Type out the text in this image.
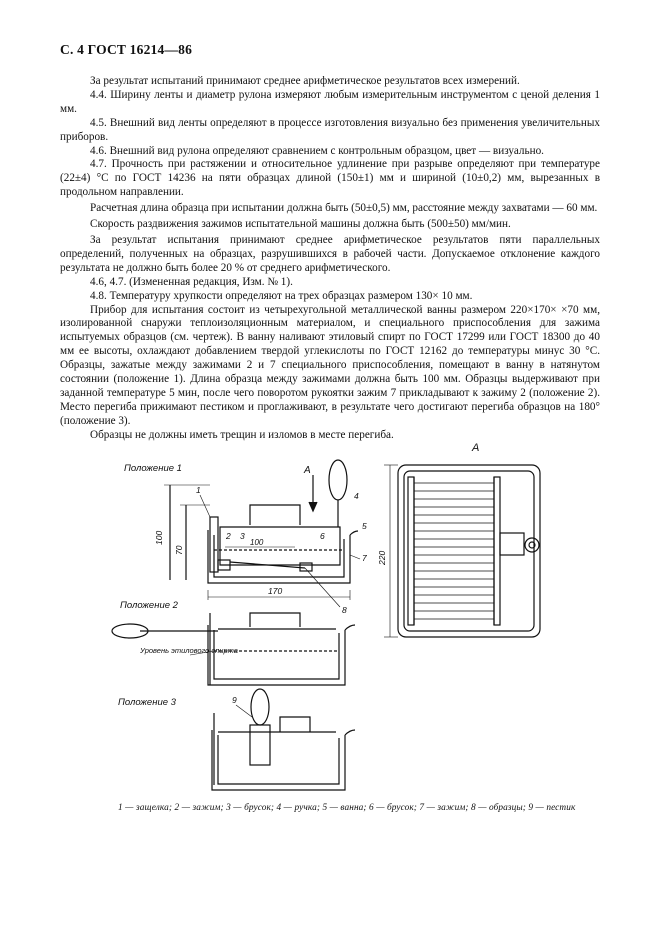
С. 4 ГОСТ 16214—86

За результат испытаний принимают среднее арифметическое результатов всех измерений.

4.4. Ширину ленты и диаметр рулона измеряют любым измерительным инструментом с ценой деления 1 мм.

4.5. Внешний вид ленты определяют в процессе изготовления визуально без применения увеличительных приборов.

4.6. Внешний вид рулона определяют сравнением с контрольным образцом, цвет — визуально.

4.7. Прочность при растяжении и относительное удлинение при разрыве определяют при температуре (22±4) °С по ГОСТ 14236 на пяти образцах длиной (150±1) мм и шириной (10±0,2) мм, вырезанных в продольном направлении.

Расчетная длина образца при испытании должна быть (50±0,5) мм, расстояние между захватами — 60 мм.

Скорость раздвижения зажимов испытательной машины должна быть (500±50) мм/мин.

За результат испытания принимают среднее арифметическое результатов пяти параллельных определений, полученных на образцах, разрушившихся в рабочей части. Допускаемое отклонение каждого результата не должно быть более 20 % от среднего арифметического.

4.6, 4.7. (Измененная редакция, Изм. № 1).

4.8. Температуру хрупкости определяют на трех образцах размером 130× 10 мм.

Прибор для испытания состоит из четырехугольной металлической ванны размером 220×170× ×70 мм, изолированной снаружи теплоизоляционным материалом, и специального приспособления для зажима испытуемых образцов (см. чертеж). В ванну наливают этиловый спирт по ГОСТ 17299 или ГОСТ 18300 до 40 мм ее высоты, охлаждают добавлением твердой углекислоты по ГОСТ 12162 до температуры минус 30 °С. Образцы, зажатые между зажимами 2 и 7 специального приспособления, помещают в ванну в натянутом состоянии (положение 1). Длина образца между зажимами должна быть 100 мм. Образцы выдерживают при заданной температуре 5 мин, после чего поворотом рукоятки зажим 7 прикладывают к зажиму 2 (положение 2). Место перегиба прижимают пестиком и проглаживают, в результате чего достигают перегиба образцов на 180° (положение 3).

Образцы не должны иметь трещин и изломов в месте перегиба.

Положение 1
100
70
А
100
170
1
2 3
4
5
6
7
8
Положение 2
Уровень этилового спирта
Положение 3	9
А
220
1 — защелка; 2 — зажим; 3 — брусок; 4 — ручка; 5 — ванна; 6 — брусок; 7 — зажим; 8 — образцы; 9 — пестик
